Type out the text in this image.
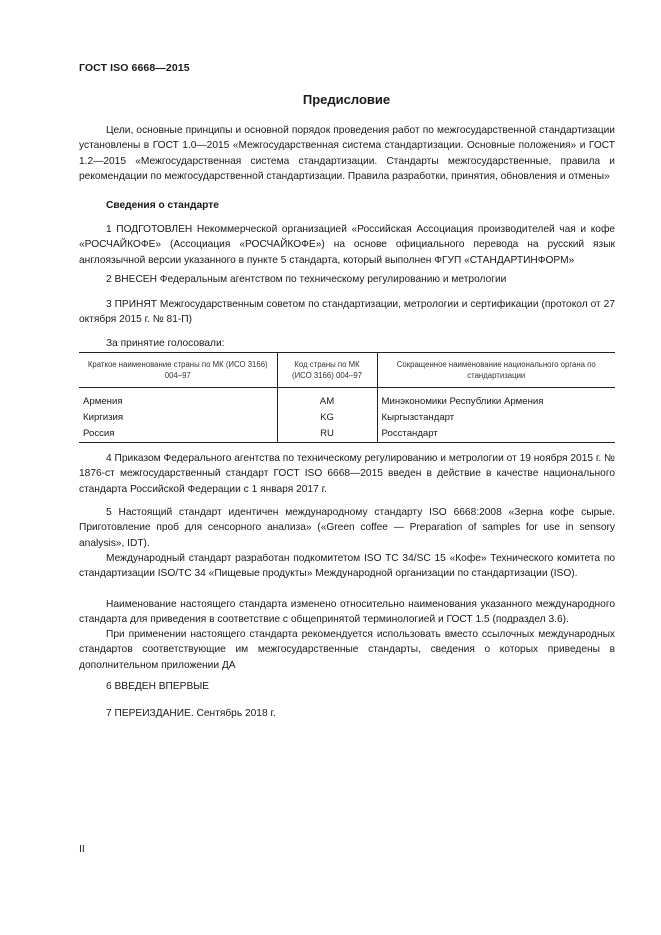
ГОСТ ISO 6668—2015
Предисловие

Цели, основные принципы и основной порядок проведения работ по межгосударственной стандартизации установлены в ГОСТ 1.0—2015 «Межгосударственная система стандартизации. Основные положения» и ГОСТ 1.2—2015 «Межгосударственная система стандартизации. Стандарты межгосударственные, правила и рекомендации по межгосударственной стандартизации. Правила разработки, принятия, обновления и отмены»

Сведения о стандарте

1 ПОДГОТОВЛЕН Некоммерческой организацией «Российская Ассоциация производителей чая и кофе «РОСЧАЙКОФЕ» (Ассоциация «РОСЧАЙКОФЕ») на основе официального перевода на русский язык англоязычной версии указанного в пункте 5 стандарта, который выполнен ФГУП «СТАНДАРТИНФОРМ»

2 ВНЕСЕН Федеральным агентством по техническому регулированию и метрологии

3 ПРИНЯТ Межгосударственным советом по стандартизации, метрологии и сертификации (протокол от 27 октября 2015 г. № 81-П)

За принятие голосовали:
Краткое наименование страны по МК (ИСО 3166) 004–97	Код страны по МК (ИСО 3166) 004–97	Сокращенное наименование национального органа по стандартизации

Армения	AM	Минэкономики Республики Армения
Киргизия	KG	Кыргызстандарт
Россия	RU	Росстандарт

4 Приказом Федерального агентства по техническому регулированию и метрологии от 19 ноября 2015 г. № 1876-ст межгосударственный стандарт ГОСТ ISO 6668—2015 введен в действие в качестве национального стандарта Российской Федерации с 1 января 2017 г.

5 Настоящий стандарт идентичен международному стандарту ISO 6668:2008 «Зерна кофе сырые. Приготовление проб для сенсорного анализа» («Green coffee — Preparation of samples for use in sensory analysis», IDT).

Международный стандарт разработан подкомитетом ISO TC 34/SC 15 «Кофе» Технического комитета по стандартизации ISO/TC 34 «Пищевые продукты» Международной организации по стандартизации (ISO).

Наименование настоящего стандарта изменено относительно наименования указанного международного стандарта для приведения в соответствие с общепринятой терминологией и ГОСТ 1.5 (подраздел 3.6).

При применении настоящего стандарта рекомендуется использовать вместо ссылочных международных стандартов соответствующие им межгосударственные стандарты, сведения о которых приведены в дополнительном приложении ДА

6 ВВЕДЕН ВПЕРВЫЕ

7 ПЕРЕИЗДАНИЕ. Сентябрь 2018 г.

II
